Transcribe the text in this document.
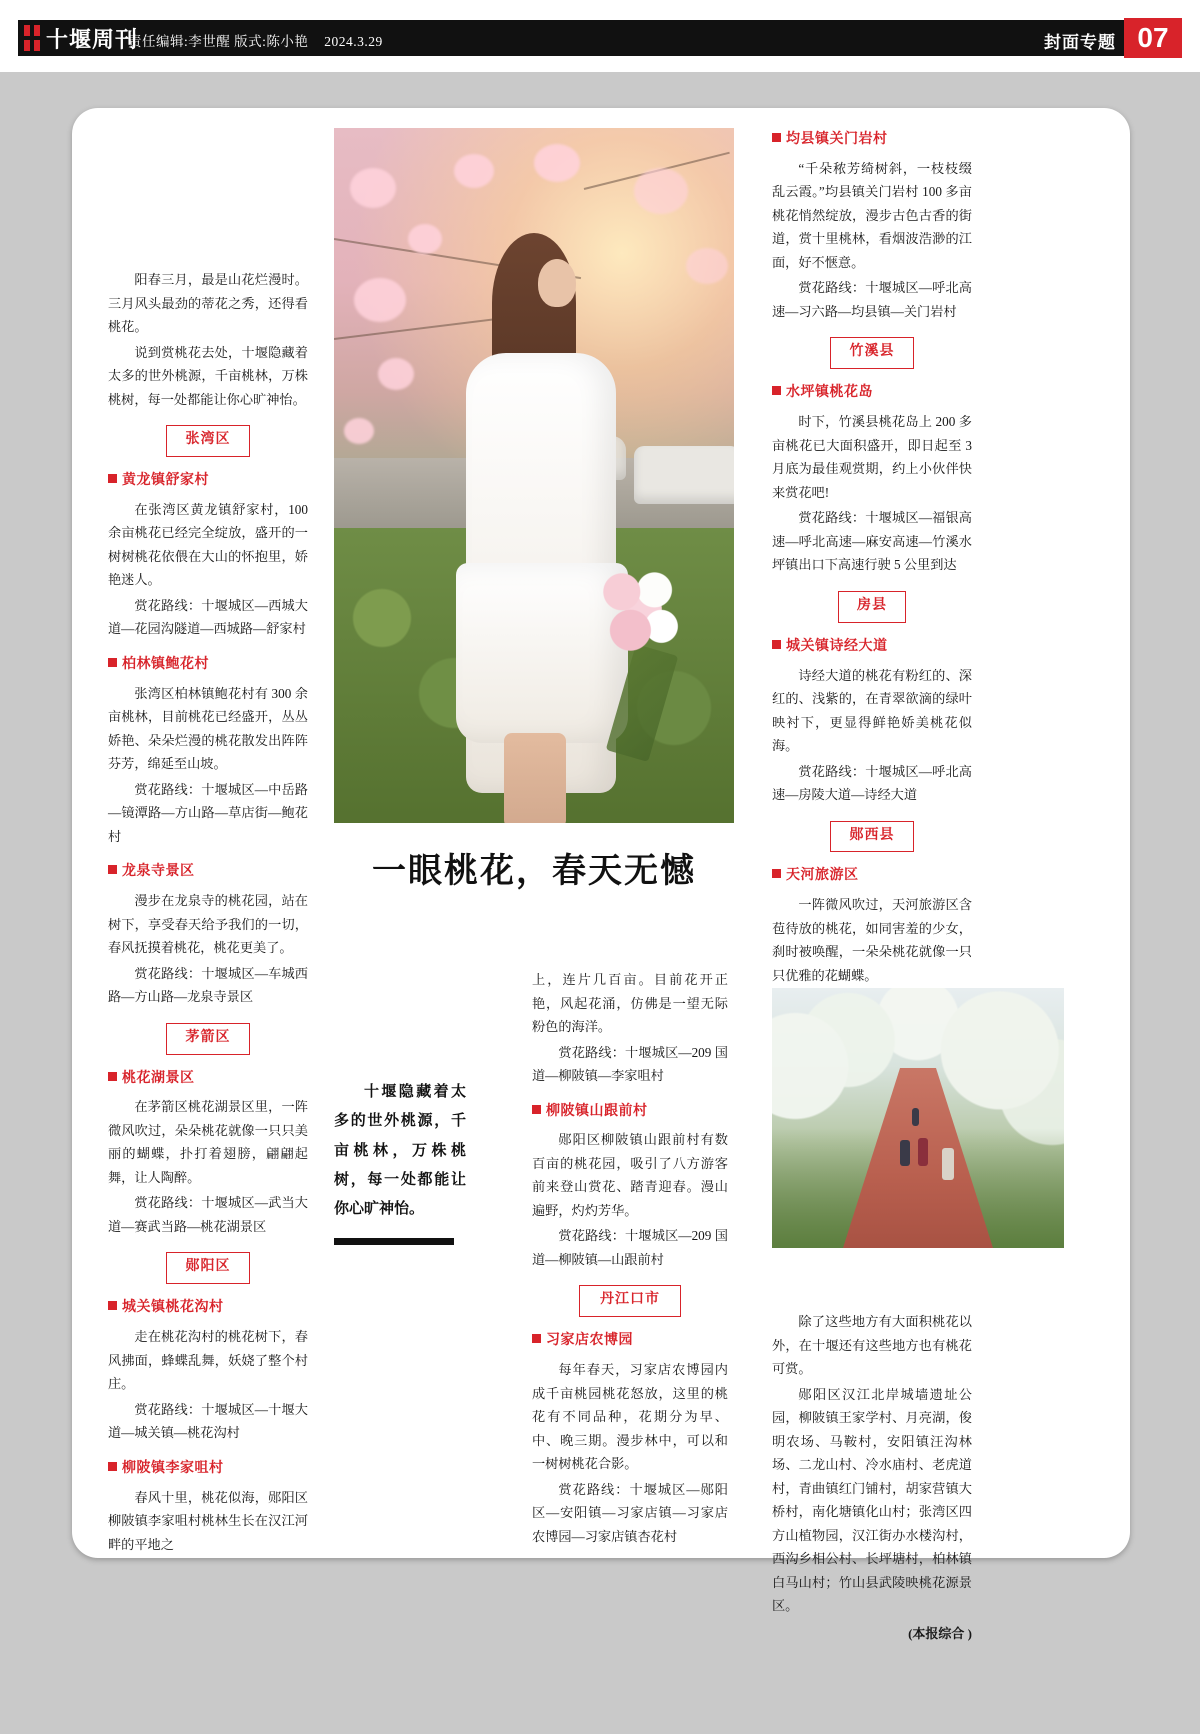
十堰周刊
责任编辑:李世醒 版式:陈小艳 2024.3.29	封面专题 07

阳春三月，最是山花烂漫时。三月风头最劲的蒂花之秀，还得看桃花。

说到赏桃花去处，十堰隐藏着太多的世外桃源，千亩桃林，万株桃树，每一处都能让你心旷神怡。

张湾区
黄龙镇舒家村

在张湾区黄龙镇舒家村，100 余亩桃花已经完全绽放，盛开的一树树桃花依偎在大山的怀抱里，娇艳迷人。

赏花路线：十堰城区—西城大道—花园沟隧道—西城路—舒家村

柏林镇鲍花村

张湾区柏林镇鲍花村有 300 余亩桃林，目前桃花已经盛开，丛丛娇艳、朵朵烂漫的桃花散发出阵阵芬芳，绵延至山坡。

赏花路线：十堰城区—中岳路—镜潭路—方山路—草店街—鲍花村

龙泉寺景区

漫步在龙泉寺的桃花园，站在树下，享受春天给予我们的一切，春风抚摸着桃花，桃花更美了。

赏花路线：十堰城区—车城西路—方山路—龙泉寺景区

茅箭区
桃花湖景区

在茅箭区桃花湖景区里，一阵微风吹过，朵朵桃花就像一只只美丽的蝴蝶，扑打着翅膀，翩翩起舞，让人陶醉。

赏花路线：十堰城区—武当大道—赛武当路—桃花湖景区

郧阳区
城关镇桃花沟村

走在桃花沟村的桃花树下，春风拂面，蜂蝶乱舞，妖娆了整个村庄。

赏花路线：十堰城区—十堰大道—城关镇—桃花沟村

柳陂镇李家咀村

春风十里，桃花似海，郧阳区柳陂镇李家咀村桃林生长在汉江河畔的平地之

一眼桃花，春天无憾
十堰隐藏着太多的世外桃源，千亩桃林，万株桃树，每一处都能让你心旷神怡。

上，连片几百亩。目前花开正艳，风起花涌，仿佛是一望无际粉色的海洋。

赏花路线：十堰城区—209 国道—柳陂镇—李家咀村

柳陂镇山跟前村

郧阳区柳陂镇山跟前村有数百亩的桃花园，吸引了八方游客前来登山赏花、踏青迎春。漫山遍野，灼灼芳华。

赏花路线：十堰城区—209 国道—柳陂镇—山跟前村

丹江口市
习家店农博园

每年春天，习家店农博园内成千亩桃园桃花怒放，这里的桃花有不同品种，花期分为早、中、晚三期。漫步林中，可以和一树树桃花合影。

赏花路线：十堰城区—郧阳区—安阳镇—习家店镇—习家店农博园—习家店镇杏花村

均县镇关门岩村

“千朵秾芳绮树斜，一枝枝缀乱云霞。”均县镇关门岩村 100 多亩桃花悄然绽放，漫步古色古香的街道，赏十里桃林，看烟波浩渺的江面，好不惬意。

赏花路线：十堰城区—呼北高速—习六路—均县镇—关门岩村

竹溪县
水坪镇桃花岛

时下，竹溪县桃花岛上 200 多亩桃花已大面积盛开，即日起至 3 月底为最佳观赏期，约上小伙伴快来赏花吧!

赏花路线：十堰城区—福银高速—呼北高速—麻安高速—竹溪水坪镇出口下高速行驶 5 公里到达

房县
城关镇诗经大道

诗经大道的桃花有粉红的、深红的、浅紫的，在青翠欲滴的绿叶映衬下，更显得鲜艳娇美桃花似海。

赏花路线：十堰城区—呼北高速—房陵大道—诗经大道

郧西县
天河旅游区

一阵微风吹过，天河旅游区含苞待放的桃花，如同害羞的少女，刹时被唤醒，一朵朵桃花就像一只只优雅的花蝴蝶。

除了这些地方有大面积桃花以外，在十堰还有这些地方也有桃花可赏。

郧阳区汉江北岸城墙遗址公园，柳陂镇王家学村、月亮湖，俊明农场、马鞍村，安阳镇汪沟林场、二龙山村、冷水庙村、老虎道村，青曲镇红门铺村，胡家营镇大桥村，南化塘镇化山村；张湾区四方山植物园，汉江街办水楼沟村，西沟乡相公村、长坪塘村，柏林镇白马山村；竹山县武陵映桃花源景区。

(本报综合 )
